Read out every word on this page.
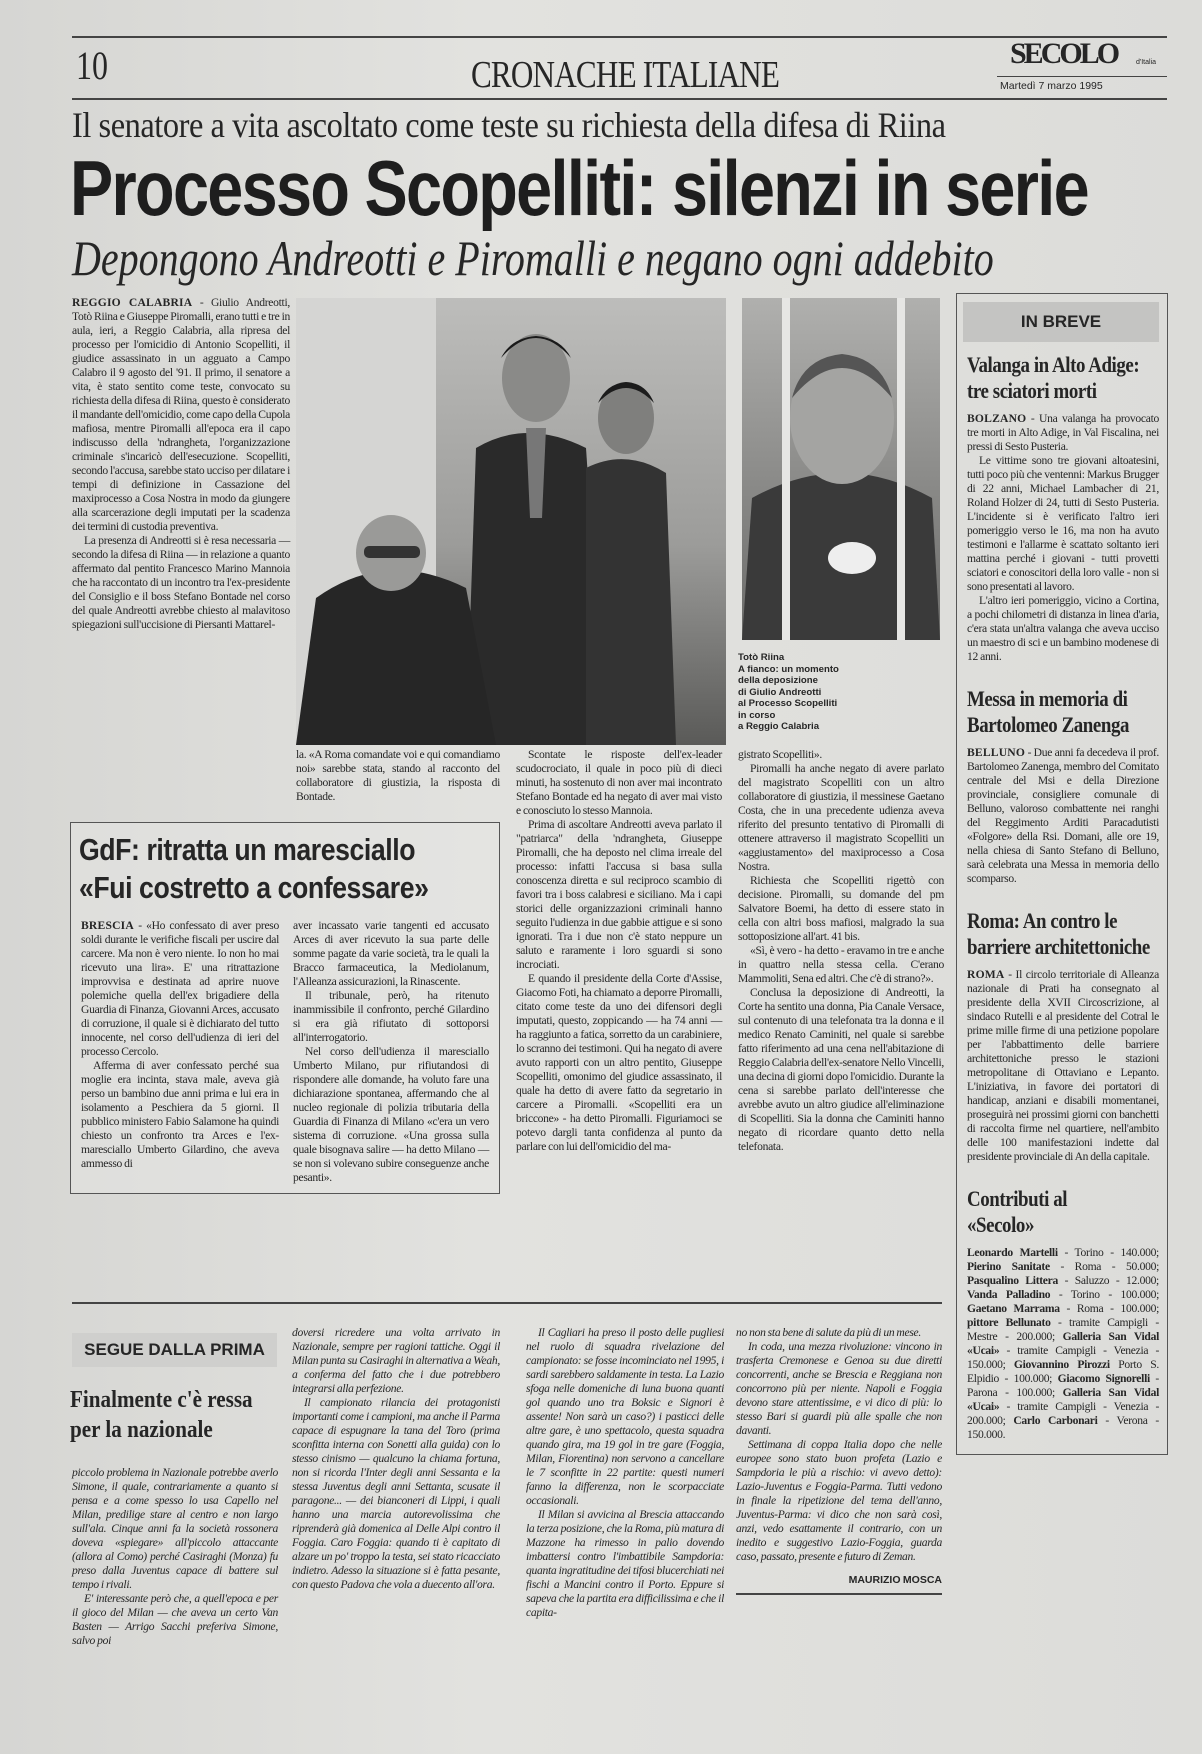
10	CRONACHE ITALIANE
SECOLO	d'Italia
Martedì 7 marzo 1995
Il senatore a vita ascoltato come teste su richiesta della difesa di Riina
Processo Scopelliti: silenzi in serie
Depongono Andreotti e Piromalli e negano ogni addebito

REGGIO CALABRIA - Giulio Andreotti, Totò Riina e Giuseppe Piromalli, erano tutti e tre in aula, ieri, a Reggio Calabria, alla ripresa del processo per l'omicidio di Antonio Scopelliti, il giudice assassinato in un agguato a Campo Calabro il 9 agosto del '91. Il primo, il senatore a vita, è stato sentito come teste, convocato su richiesta della difesa di Riina, questo è considerato il mandante dell'omicidio, come capo della Cupola mafiosa, mentre Piromalli all'epoca era il capo indiscusso della 'ndrangheta, l'organizzazione criminale s'incaricò dell'esecuzione. Scopelliti, secondo l'accusa, sarebbe stato ucciso per dilatare i tempi di definizione in Cassazione del maxiprocesso a Cosa Nostra in modo da giungere alla scarcerazione degli imputati per la scadenza dei termini di custodia preventiva.

La presenza di Andreotti si è resa necessaria — secondo la difesa di Riina — in relazione a quanto affermato dal pentito Francesco Marino Mannoia che ha raccontato di un incontro tra l'ex-presidente del Consiglio e il boss Stefano Bontade nel corso del quale Andreotti avrebbe chiesto al malavitoso spiegazioni sull'uccisione di Piersanti Mattarel-

Totò Riina
A fianco: un momento
della deposizione
di Giulio Andreotti
al Processo Scopelliti
in corso
a Reggio Calabria

la. «A Roma comandate voi e qui comandiamo noi» sarebbe stata, stando al racconto del collaboratore di giustizia, la risposta di Bontade.

Scontate le risposte dell'ex-leader scudocrociato, il quale in poco più di dieci minuti, ha sostenuto di non aver mai incontrato Stefano Bontade ed ha negato di aver mai visto e conosciuto lo stesso Mannoia.

Prima di ascoltare Andreotti aveva parlato il "patriarca" della 'ndrangheta, Giuseppe Piromalli, che ha deposto nel clima irreale del processo: infatti l'accusa si basa sulla conoscenza diretta e sul reciproco scambio di favori tra i boss calabresi e siciliano. Ma i capi storici delle organizzazioni criminali hanno seguito l'udienza in due gabbie attigue e si sono ignorati. Tra i due non c'è stato neppure un saluto e raramente i loro sguardi si sono incrociati.

E quando il presidente della Corte d'Assise, Giacomo Foti, ha chiamato a deporre Piromalli, citato come teste da uno dei difensori degli imputati, questo, zoppicando — ha 74 anni — ha raggiunto a fatica, sorretto da un carabiniere, lo scranno dei testimoni. Qui ha negato di avere avuto rapporti con un altro pentito, Giuseppe Scopelliti, omonimo del giudice assassinato, il quale ha detto di avere fatto da segretario in carcere a Piromalli. «Scopelliti era un briccone» - ha detto Piromalli. Figuriamoci se potevo dargli tanta confidenza al punto da parlare con lui dell'omicidio del ma-

gistrato Scopelliti».

Piromalli ha anche negato di avere parlato del magistrato Scopelliti con un altro collaboratore di giustizia, il messinese Gaetano Costa, che in una precedente udienza aveva riferito del presunto tentativo di Piromalli di ottenere attraverso il magistrato Scopelliti un «aggiustamento» del maxiprocesso a Cosa Nostra.

Richiesta che Scopelliti rigettò con decisione. Piromalli, su domande del pm Salvatore Boemi, ha detto di essere stato in cella con altri boss mafiosi, malgrado la sua sottoposizione all'art. 41 bis.

«Sì, è vero - ha detto - eravamo in tre e anche in quattro nella stessa cella. C'erano Mammoliti, Sena ed altri. Che c'è di strano?».

Conclusa la deposizione di Andreotti, la Corte ha sentito una donna, Pia Canale Versace, sul contenuto di una telefonata tra la donna e il medico Renato Caminiti, nel quale si sarebbe fatto riferimento ad una cena nell'abitazione di Reggio Calabria dell'ex-senatore Nello Vincelli, una decina di giorni dopo l'omicidio. Durante la cena si sarebbe parlato dell'interesse che avrebbe avuto un altro giudice all'eliminazione di Scopelliti. Sia la donna che Caminiti hanno negato di ricordare quanto detto nella telefonata.

GdF: ritratta un maresciallo
«Fui costretto a confessare»

BRESCIA - «Ho confessato di aver preso soldi durante le verifiche fiscali per uscire dal carcere. Ma non è vero niente. Io non ho mai ricevuto una lira». E' una ritrattazione improvvisa e destinata ad aprire nuove polemiche quella dell'ex brigadiere della Guardia di Finanza, Giovanni Arces, accusato di corruzione, il quale si è dichiarato del tutto innocente, nel corso dell'udienza di ieri del processo Cercolo.

Afferma di aver confessato perché sua moglie era incinta, stava male, aveva già perso un bambino due anni prima e lui era in isolamento a Peschiera da 5 giorni. Il pubblico ministero Fabio Salamone ha quindi chiesto un confronto tra Arces e l'ex-maresciallo Umberto Gilardino, che aveva ammesso di

aver incassato varie tangenti ed accusato Arces di aver ricevuto la sua parte delle somme pagate da varie società, tra le quali la Bracco farmaceutica, la Mediolanum, l'Alleanza assicurazioni, la Rinascente.

Il tribunale, però, ha ritenuto inammissibile il confronto, perché Gilardino si era già rifiutato di sottoporsi all'interrogatorio.

Nel corso dell'udienza il maresciallo Umberto Milano, pur rifiutandosi di rispondere alle domande, ha voluto fare una dichiarazione spontanea, affermando che al nucleo regionale di polizia tributaria della Guardia di Finanza di Milano «c'era un vero sistema di corruzione. «Una grossa sulla quale bisognava salire — ha detto Milano — se non si volevano subire conseguenze anche pesanti».

IN BREVE
Valanga in Alto Adige: tre sciatori morti

BOLZANO - Una valanga ha provocato tre morti in Alto Adige, in Val Fiscalina, nei pressi di Sesto Pusteria.

Le vittime sono tre giovani altoatesini, tutti poco più che ventenni: Markus Brugger di 22 anni, Michael Lambacher di 21, Roland Holzer di 24, tutti di Sesto Pusteria. L'incidente si è verificato l'altro ieri pomeriggio verso le 16, ma non ha avuto testimoni e l'allarme è scattato soltanto ieri mattina perché i giovani - tutti provetti sciatori e conoscitori della loro valle - non si sono presentati al lavoro.

L'altro ieri pomeriggio, vicino a Cortina, a pochi chilometri di distanza in linea d'aria, c'era stata un'altra valanga che aveva ucciso un maestro di sci e un bambino modenese di 12 anni.

Messa in memoria di Bartolomeo Zanenga

BELLUNO - Due anni fa decedeva il prof. Bartolomeo Zanenga, membro del Comitato centrale del Msi e della Direzione provinciale, consigliere comunale di Belluno, valoroso combattente nei ranghi del Reggimento Arditi Paracadutisti «Folgore» della Rsi. Domani, alle ore 19, nella chiesa di Santo Stefano di Belluno, sarà celebrata una Messa in memoria dello scomparso.

Roma: An contro le barriere architettoniche

ROMA - Il circolo territoriale di Alleanza nazionale di Prati ha consegnato al presidente della XVII Circoscrizione, al sindaco Rutelli e al presidente del Cotral le prime mille firme di una petizione popolare per l'abbattimento delle barriere architettoniche presso le stazioni metropolitane di Ottaviano e Lepanto. L'iniziativa, in favore dei portatori di handicap, anziani e disabili momentanei, proseguirà nei prossimi giorni con banchetti di raccolta firme nel quartiere, nell'ambito delle 100 manifestazioni indette dal presidente provinciale di An della capitale.

Contributi al «Secolo»

Leonardo Martelli - Torino - 140.000; Pierino Sanitate - Roma - 50.000; Pasqualino Littera - Saluzzo - 12.000; Vanda Palladino - Torino - 100.000; Gaetano Marrama - Roma - 100.000; pittore Bellunato - tramite Campigli - Mestre - 200.000; Galleria San Vidal «Ucai» - tramite Campigli - Venezia - 150.000; Giovannino Pirozzi Porto S. Elpidio - 100.000; Giacomo Signorelli - Parona - 100.000; Galleria San Vidal «Ucai» - tramite Campigli - Venezia - 200.000; Carlo Carbonari - Verona - 150.000.

SEGUE DALLA PRIMA
Finalmente c'è ressa per la nazionale

piccolo problema in Nazionale potrebbe averlo Simone, il quale, contrariamente a quanto si pensa e a come spesso lo usa Capello nel Milan, predilige stare al centro e non largo sull'ala. Cinque anni fa la società rossonera doveva «spiegare» all'piccolo attaccante (allora al Como) perché Casiraghi (Monza) fu preso dalla Juventus capace di battere sul tempo i rivali.

E' interessante però che, a quell'epoca e per il gioco del Milan — che aveva un certo Van Basten — Arrigo Sacchi preferiva Simone, salvo poi

doversi ricredere una volta arrivato in Nazionale, sempre per ragioni tattiche. Oggi il Milan punta su Casiraghi in alternativa a Weah, a conferma del fatto che i due potrebbero integrarsi alla perfezione.

Il campionato rilancia dei protagonisti importanti come i campioni, ma anche il Parma capace di espugnare la tana del Toro (prima sconfitta interna con Sonetti alla guida) con lo stesso cinismo — qualcuno la chiama fortuna, non si ricorda l'Inter degli anni Sessanta e la stessa Juventus degli anni Settanta, scusate il paragone... — dei bianconeri di Lippi, i quali hanno una marcia autorevolissima che riprenderà già domenica al Delle Alpi contro il Foggia. Caro Foggia: quando ti è capitato di alzare un po' troppo la testa, sei stato ricacciato indietro. Adesso la situazione si è fatta pesante, con questo Padova che vola a duecento all'ora.

Il Cagliari ha preso il posto delle pugliesi nel ruolo di squadra rivelazione del campionato: se fosse incominciato nel 1995, i sardi sarebbero saldamente in testa. La Lazio sfoga nelle domeniche di luna buona quanti gol quando uno tra Boksic e Signori è assente! Non sarà un caso?) i pasticci delle altre gare, è uno spettacolo, questa squadra quando gira, ma 19 gol in tre gare (Foggia, Milan, Fiorentina) non servono a cancellare le 7 sconfitte in 22 partite: questi numeri fanno la differenza, non le scorpacciate occasionali.

Il Milan si avvicina al Brescia attaccando la terza posizione, che la Roma, più matura di Mazzone ha rimesso in palio dovendo imbattersi contro l'imbattibile Sampdoria: quanta ingratitudine dei tifosi blucerchiati nei fischi a Mancini contro il Porto. Eppure si sapeva che la partita era difficilissima e che il capita-

no non sta bene di salute da più di un mese.

In coda, una mezza rivoluzione: vincono in trasferta Cremonese e Genoa su due diretti concorrenti, anche se Brescia e Reggiana non concorrono più per niente. Napoli e Foggia devono stare attentissime, e vi dico di più: lo stesso Bari si guardi più alle spalle che non davanti.

Settimana di coppa Italia dopo che nelle europee sono stato buon profeta (Lazio e Sampdoria le più a rischio: vi avevo detto): Lazio-Juventus e Foggia-Parma. Tutti vedono in finale la ripetizione del tema dell'anno, Juventus-Parma: vi dico che non sarà così, anzi, vedo esattamente il contrario, con un inedito e suggestivo Lazio-Foggia, guarda caso, passato, presente e futuro di Zeman.

MAURIZIO MOSCA
